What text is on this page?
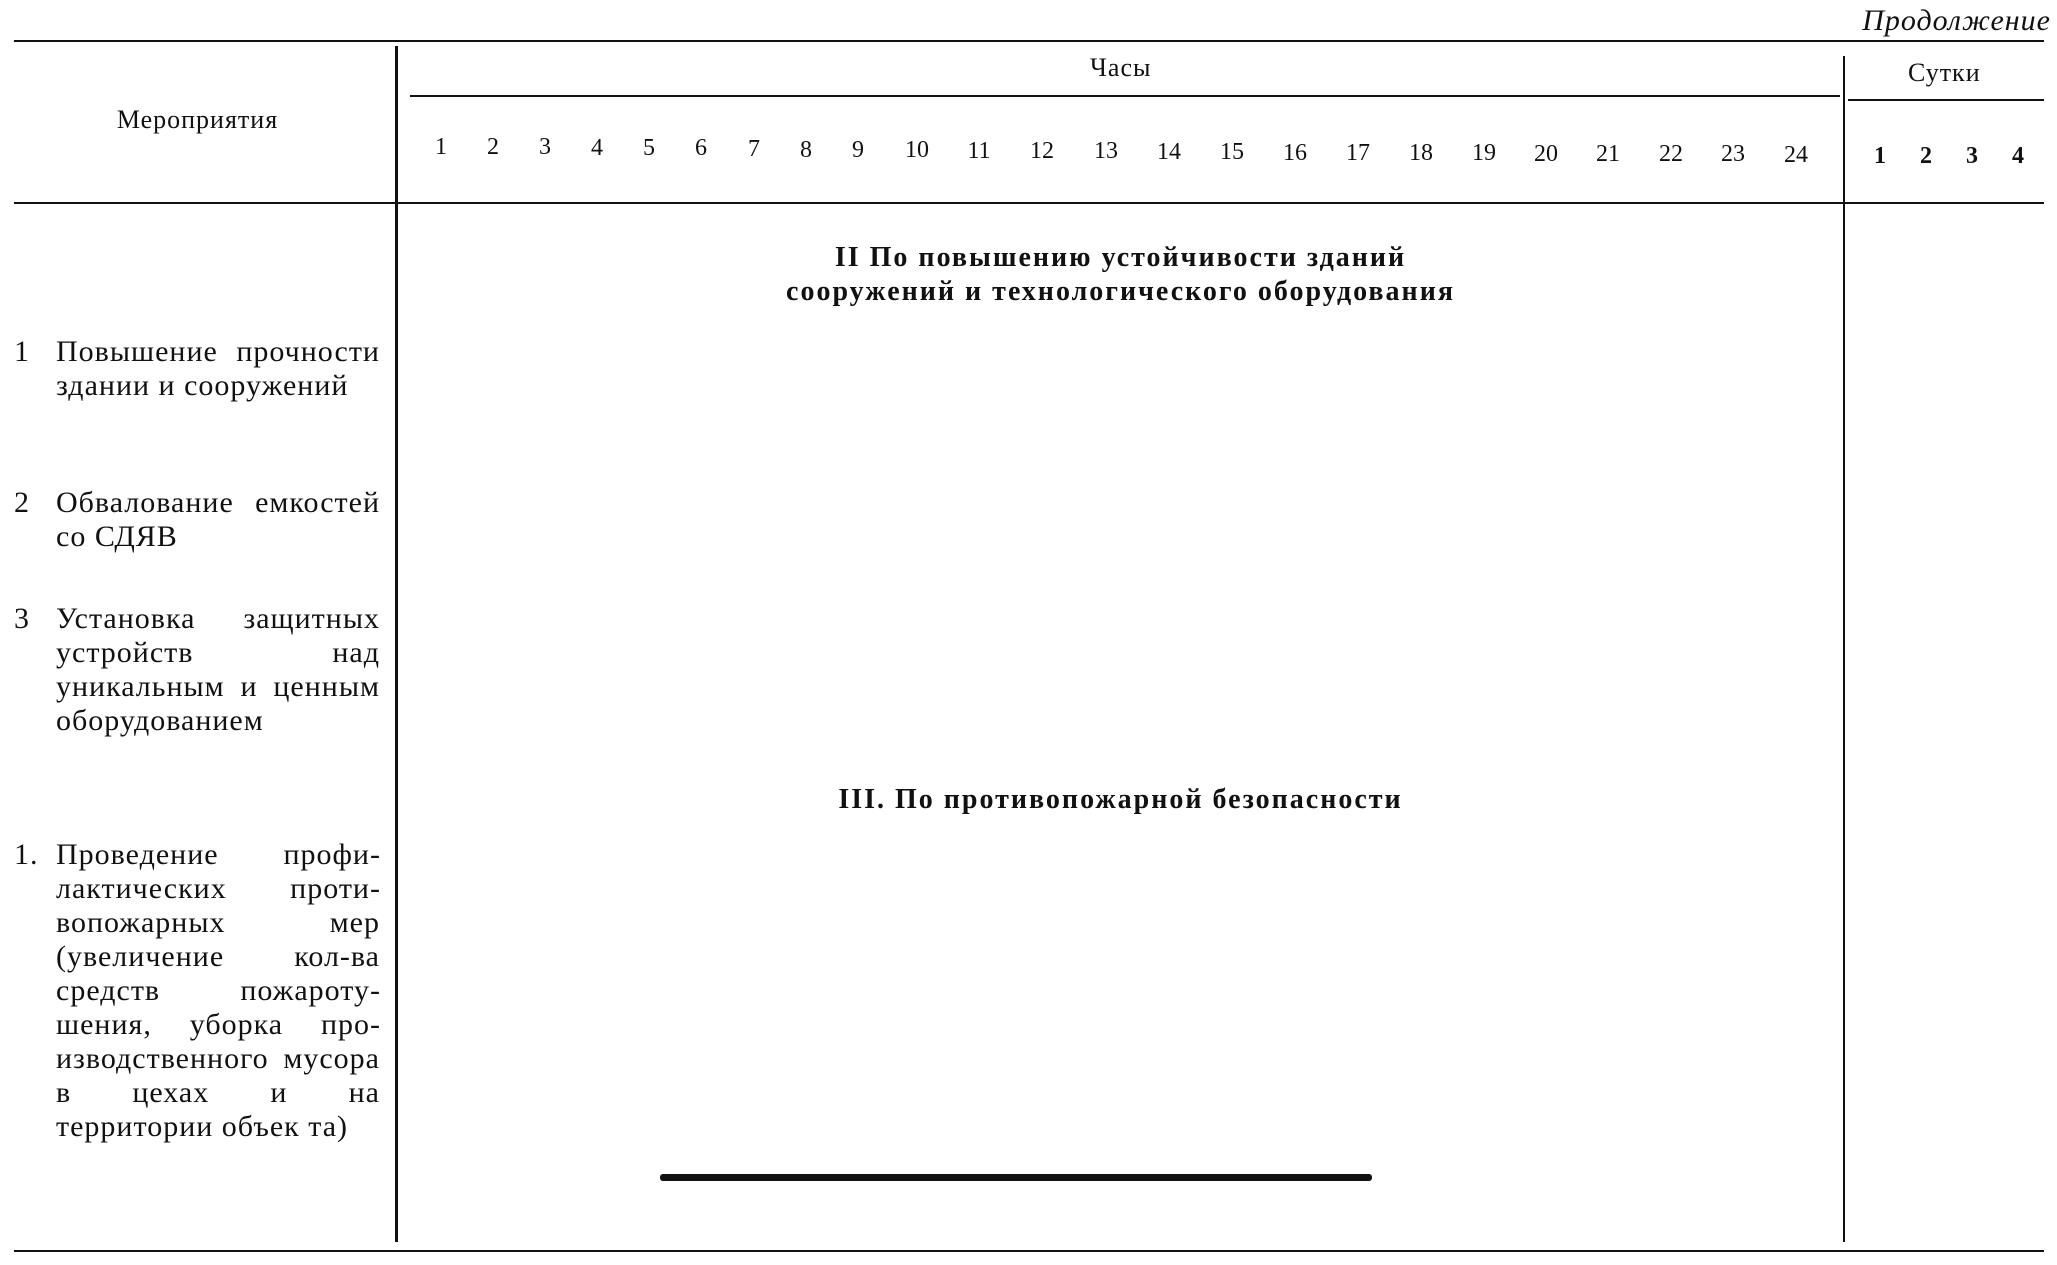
Продолжение
Мероприятия
Часы	Сутки
1 2 3 4 5 6 7 8 9 10 11 12 13 14 15 16 17 18 19 20 21 22 23 24	1 2 3 4
II По повышению устойчивости зданий
сооружений и технологического оборудования
1 Повышение прочности здании и сооружений
2 Обвалование емкостей со СДЯВ
3 Установка защитных устройств над уникальным и ценным оборудованием
III. По противопожарной безопасности
1. Проведение профилактических противопожарных мер (увеличение кол-ва средств пожаротушения, уборка производственного мусора в цехах и на территории объек та)
